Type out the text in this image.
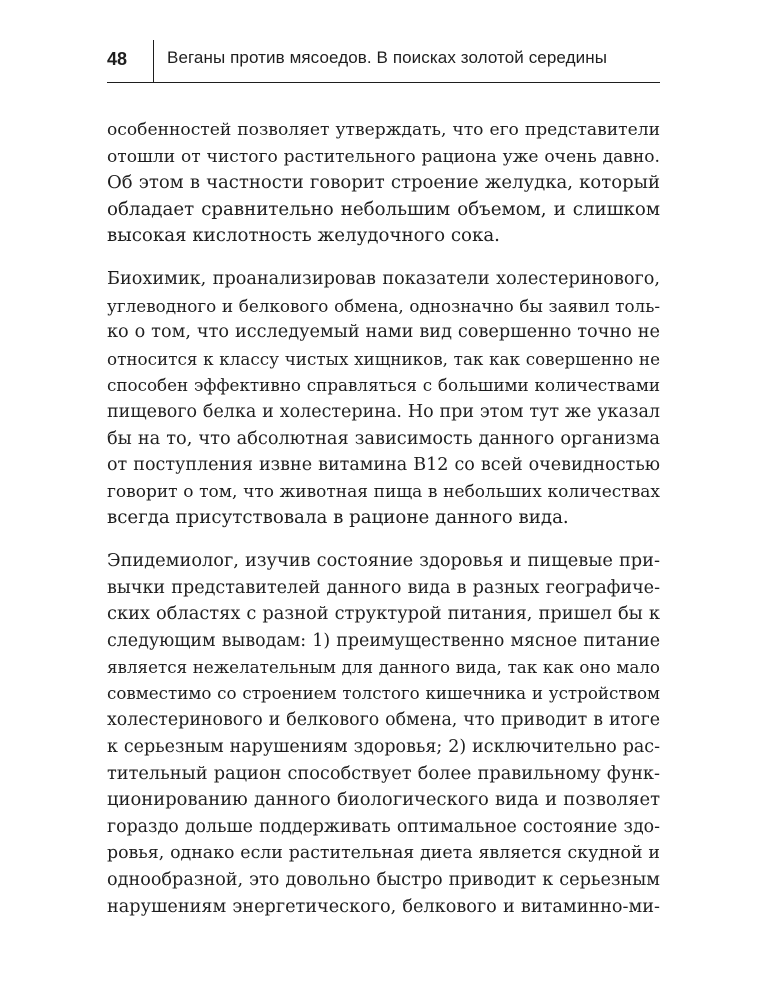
48 Веганы против мясоедов. В поисках золотой середины
особенностей позволяет утверждать, что его представители
отошли от чистого растительного рациона уже очень давно.
Об этом в частности говорит строение желудка, который
обладает сравнительно небольшим объемом, и слишком
высокая кислотность желудочного сока.
Биохимик, проанализировав показатели холестеринового,
углеводного и белкового обмена, однозначно бы заявил толь-
ко о том, что исследуемый нами вид совершенно точно не
относится к классу чистых хищников, так как совершенно не
способен эффективно справляться с большими количествами
пищевого белка и холестерина. Но при этом тут же указал
бы на то, что абсолютная зависимость данного организма
от поступления извне витамина B12 со всей очевидностью
говорит о том, что животная пища в небольших количествах
всегда присутствовала в рационе данного вида.
Эпидемиолог, изучив состояние здоровья и пищевые при-
вычки представителей данного вида в разных географиче-
ских областях с разной структурой питания, пришел бы к
следующим выводам: 1) преимущественно мясное питание
является нежелательным для данного вида, так как оно мало
совместимо со строением толстого кишечника и устройством
холестеринового и белкового обмена, что приводит в итоге
к серьезным нарушениям здоровья; 2) исключительно рас-
тительный рацион способствует более правильному функ-
ционированию данного биологического вида и позволяет
гораздо дольше поддерживать оптимальное состояние здо-
ровья, однако если растительная диета является скудной и
однообразной, это довольно быстро приводит к серьезным
нарушениям энергетического, белкового и витаминно-ми-
